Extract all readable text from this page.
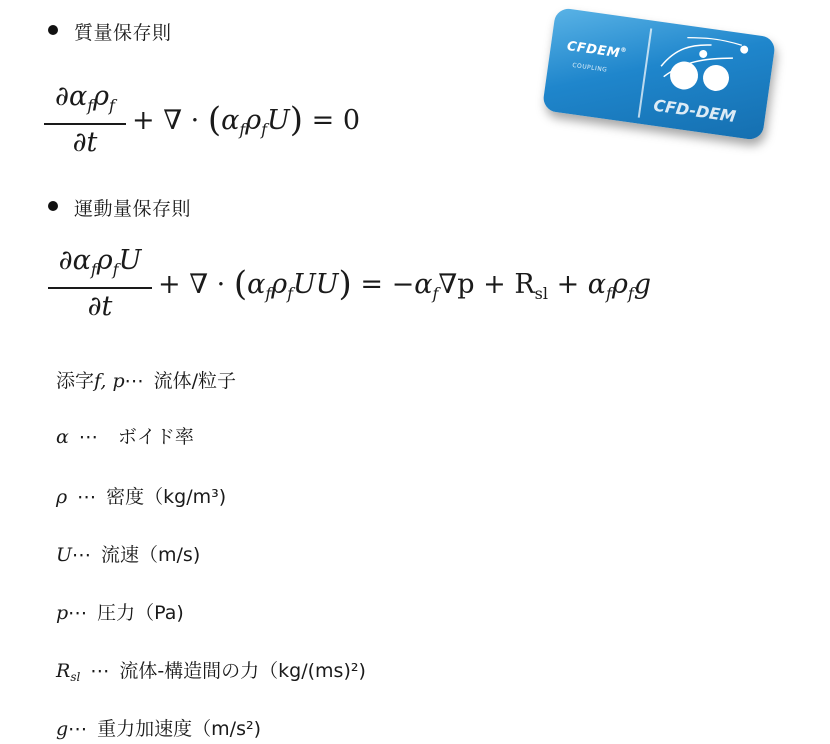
質量保存則
$\partial\alpha_f\rho_f$
∂t
+ ∇ · $(\alpha_f\rho_fU) = 0$
CFDEM®
COUPLING
CFD-DEM
運動量保存則
$\partial\alpha_f\rho_fU$
∂t
+ ∇ · $(\alpha_f\rho_fUU) = -\alpha_f\nabla p + R_{sl} + \alpha_f\rho_fg$
添字f, p⋯ 流体/粒子
α ⋯ ボイド率
ρ ⋯ 密度（kg/m³)
U⋯ 流速（m/s)
p⋯ 圧力（Pa)
$R_{sl}$ ⋯ 流体-構造間の力（kg/(ms)²)
g⋯ 重力加速度（m/s²)
